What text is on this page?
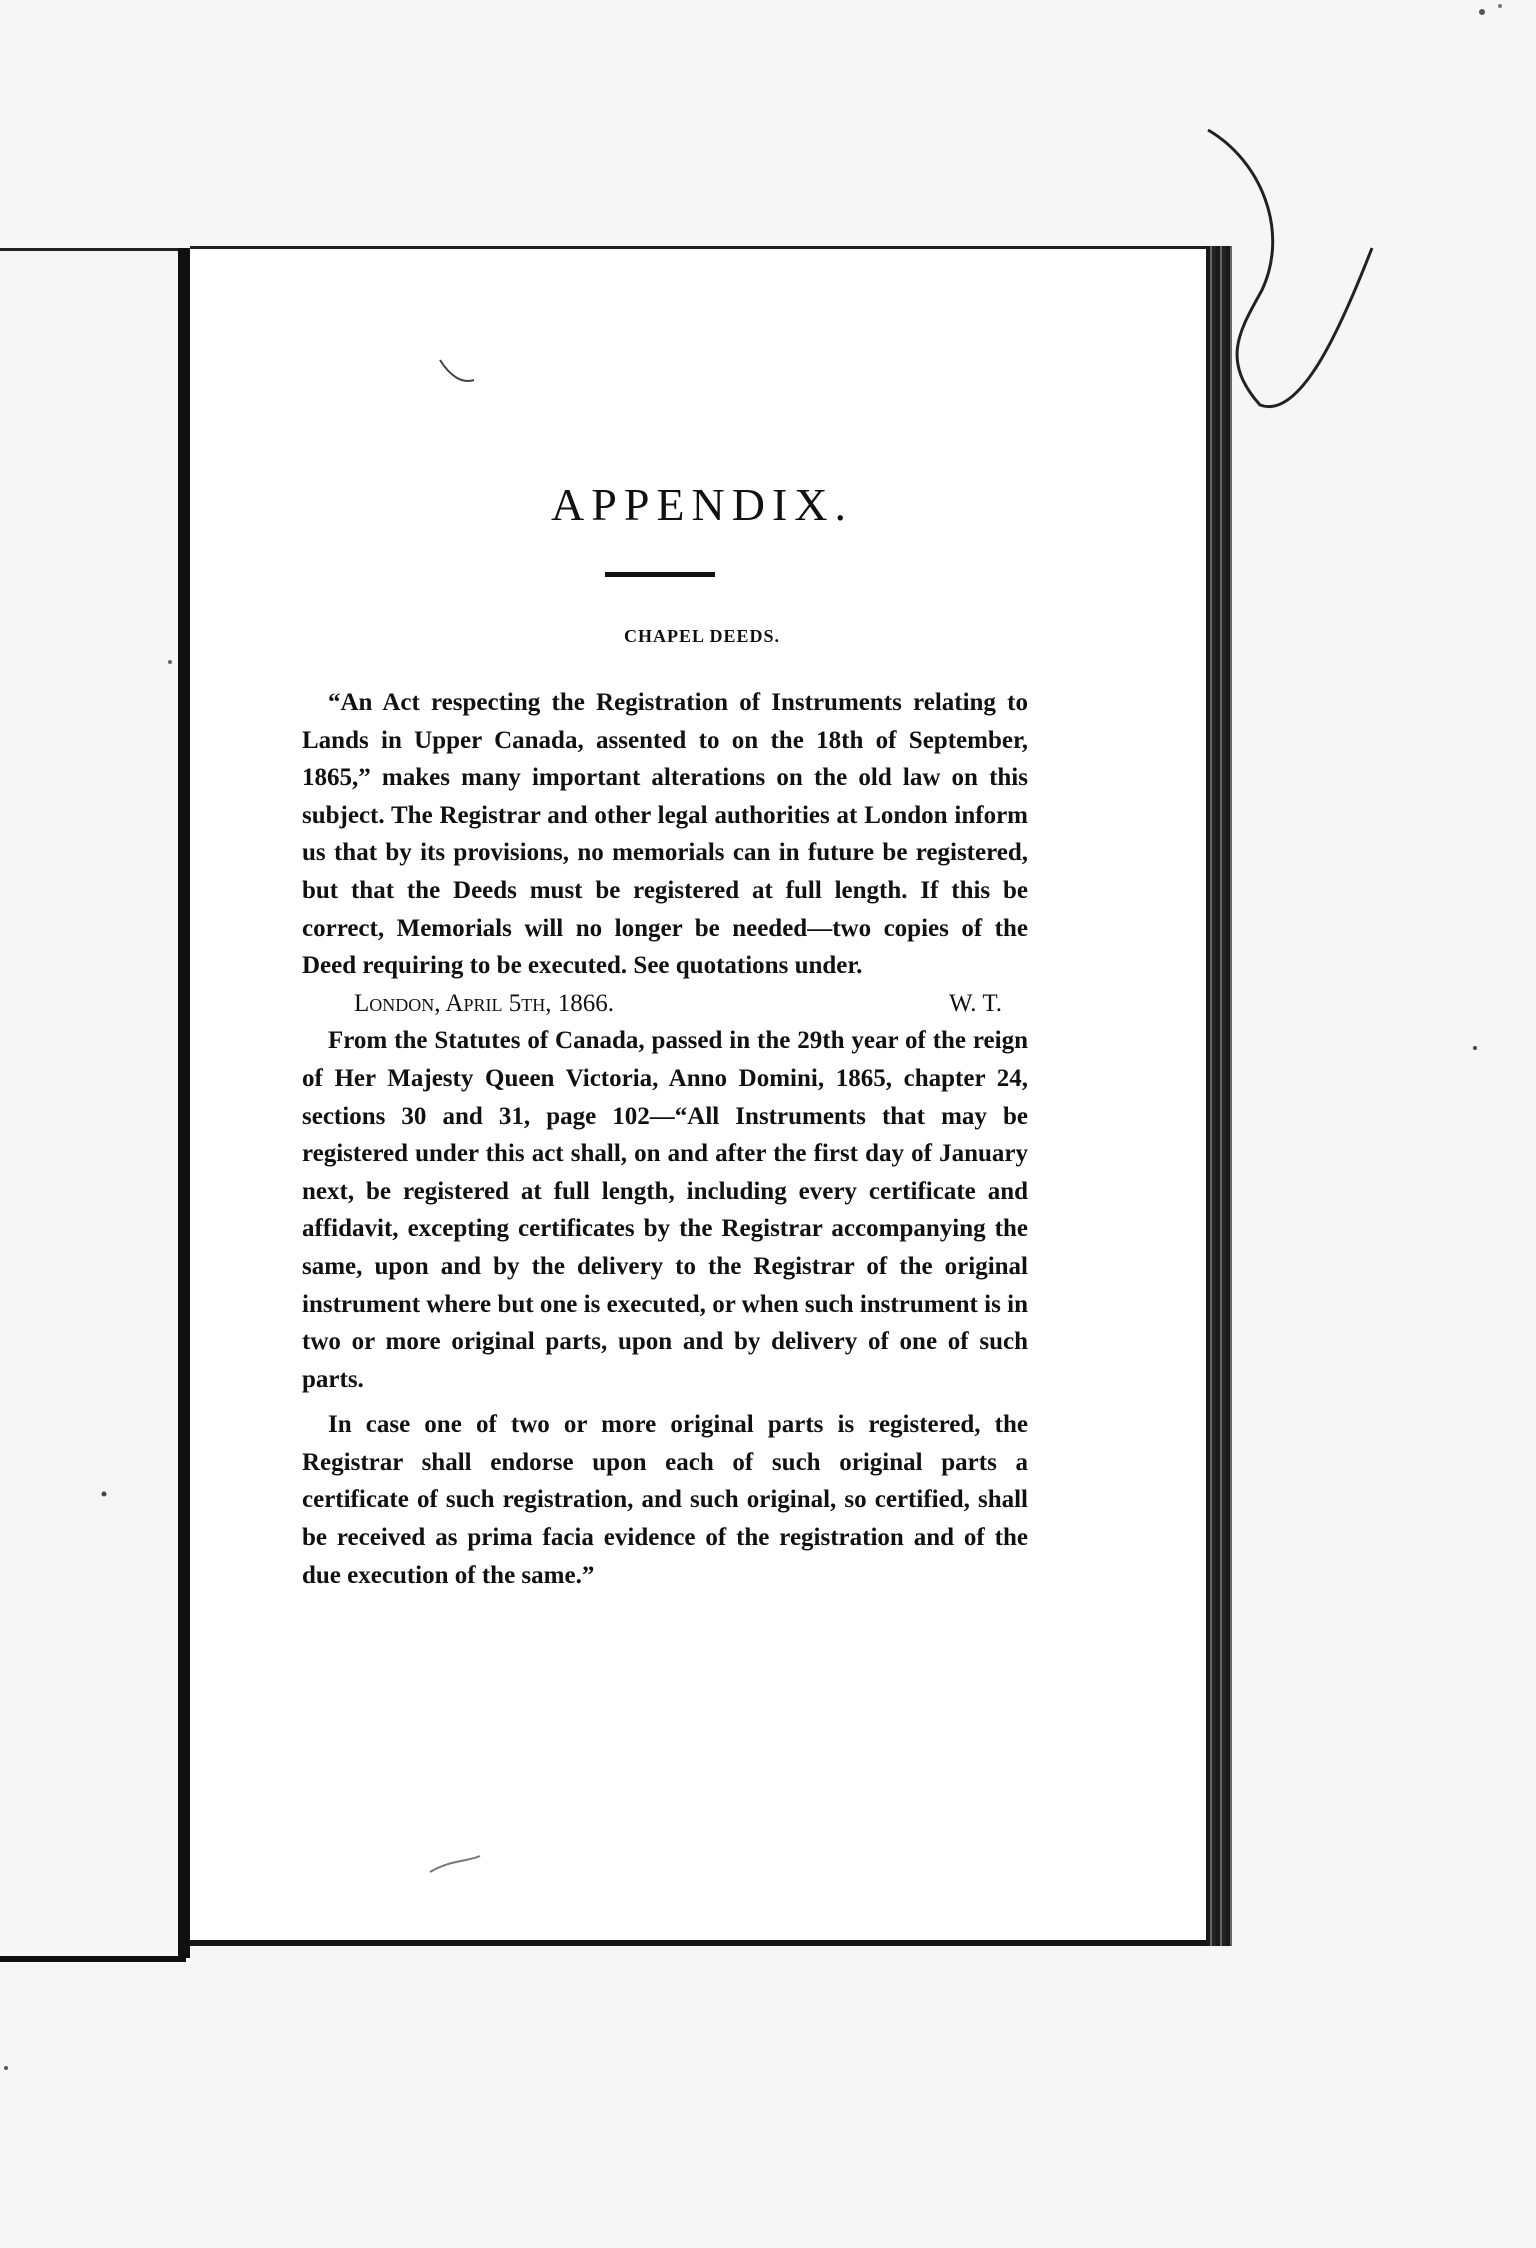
APPENDIX.
CHAPEL DEEDS.

“An Act respecting the Registration of Instruments relating to Lands in Upper Canada, assented to on the 18th of September, 1865,” makes many important alterations on the old law on this subject. The Registrar and other legal authorities at London inform us that by its provisions, no memorials can in future be registered, but that the Deeds must be registered at full length. If this be correct, Memorials will no longer be needed—two copies of the Deed requiring to be executed. See quotations under.

London, April 5th, 1866.	W. T.

From the Statutes of Canada, passed in the 29th year of the reign of Her Majesty Queen Victoria, Anno Domini, 1865, chapter 24, sections 30 and 31, page 102—“All Instruments that may be registered under this act shall, on and after the first day of January next, be registered at full length, including every certificate and affidavit, excepting certificates by the Registrar accompanying the same, upon and by the delivery to the Registrar of the original instrument where but one is executed, or when such instrument is in two or more original parts, upon and by delivery of one of such parts.

In case one of two or more original parts is registered, the Registrar shall endorse upon each of such original parts a certificate of such registration, and such original, so certified, shall be received as prima facia evidence of the registration and of the due execution of the same.”
